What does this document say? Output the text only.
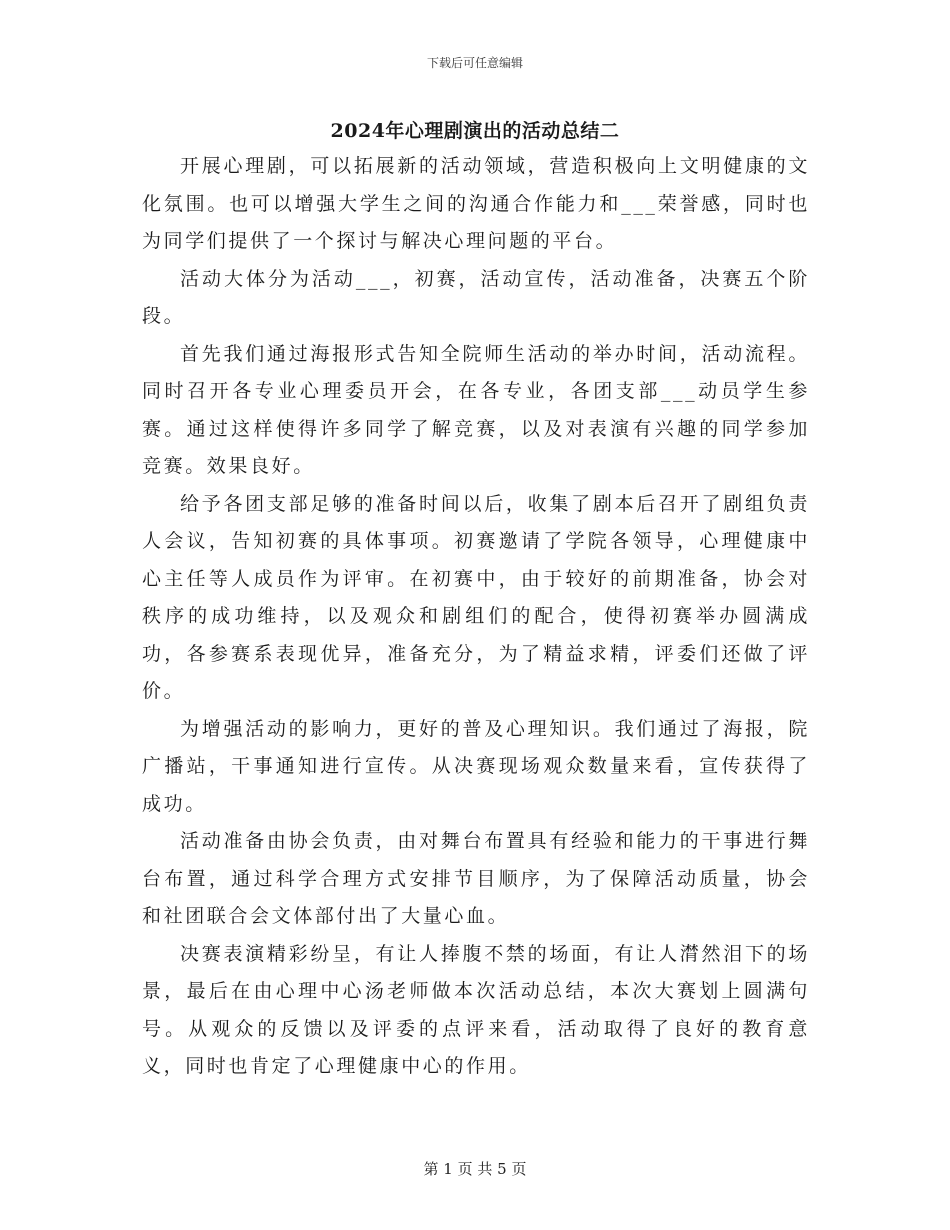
下载后可任意编辑
2024年心理剧演出的活动总结二

开展心理剧，可以拓展新的活动领域，营造积极向上文明健康的文化氛围。也可以增强大学生之间的沟通合作能力和___荣誉感，同时也为同学们提供了一个探讨与解决心理问题的平台。

活动大体分为活动___，初赛，活动宣传，活动准备，决赛五个阶段。

首先我们通过海报形式告知全院师生活动的举办时间，活动流程。同时召开各专业心理委员开会，在各专业，各团支部___动员学生参赛。通过这样使得许多同学了解竞赛，以及对表演有兴趣的同学参加竞赛。效果良好。

给予各团支部足够的准备时间以后，收集了剧本后召开了剧组负责人会议，告知初赛的具体事项。初赛邀请了学院各领导，心理健康中心主任等人成员作为评审。在初赛中，由于较好的前期准备，协会对秩序的成功维持，以及观众和剧组们的配合，使得初赛举办圆满成功，各参赛系表现优异，准备充分，为了精益求精，评委们还做了评价。

为增强活动的影响力，更好的普及心理知识。我们通过了海报，院广播站，干事通知进行宣传。从决赛现场观众数量来看，宣传获得了成功。

活动准备由协会负责，由对舞台布置具有经验和能力的干事进行舞台布置，通过科学合理方式安排节目顺序，为了保障活动质量，协会和社团联合会文体部付出了大量心血。

决赛表演精彩纷呈，有让人捧腹不禁的场面，有让人潸然泪下的场景，最后在由心理中心汤老师做本次活动总结，本次大赛划上圆满句号。从观众的反馈以及评委的点评来看，活动取得了良好的教育意义，同时也肯定了心理健康中心的作用。

第 1 页 共 5 页
